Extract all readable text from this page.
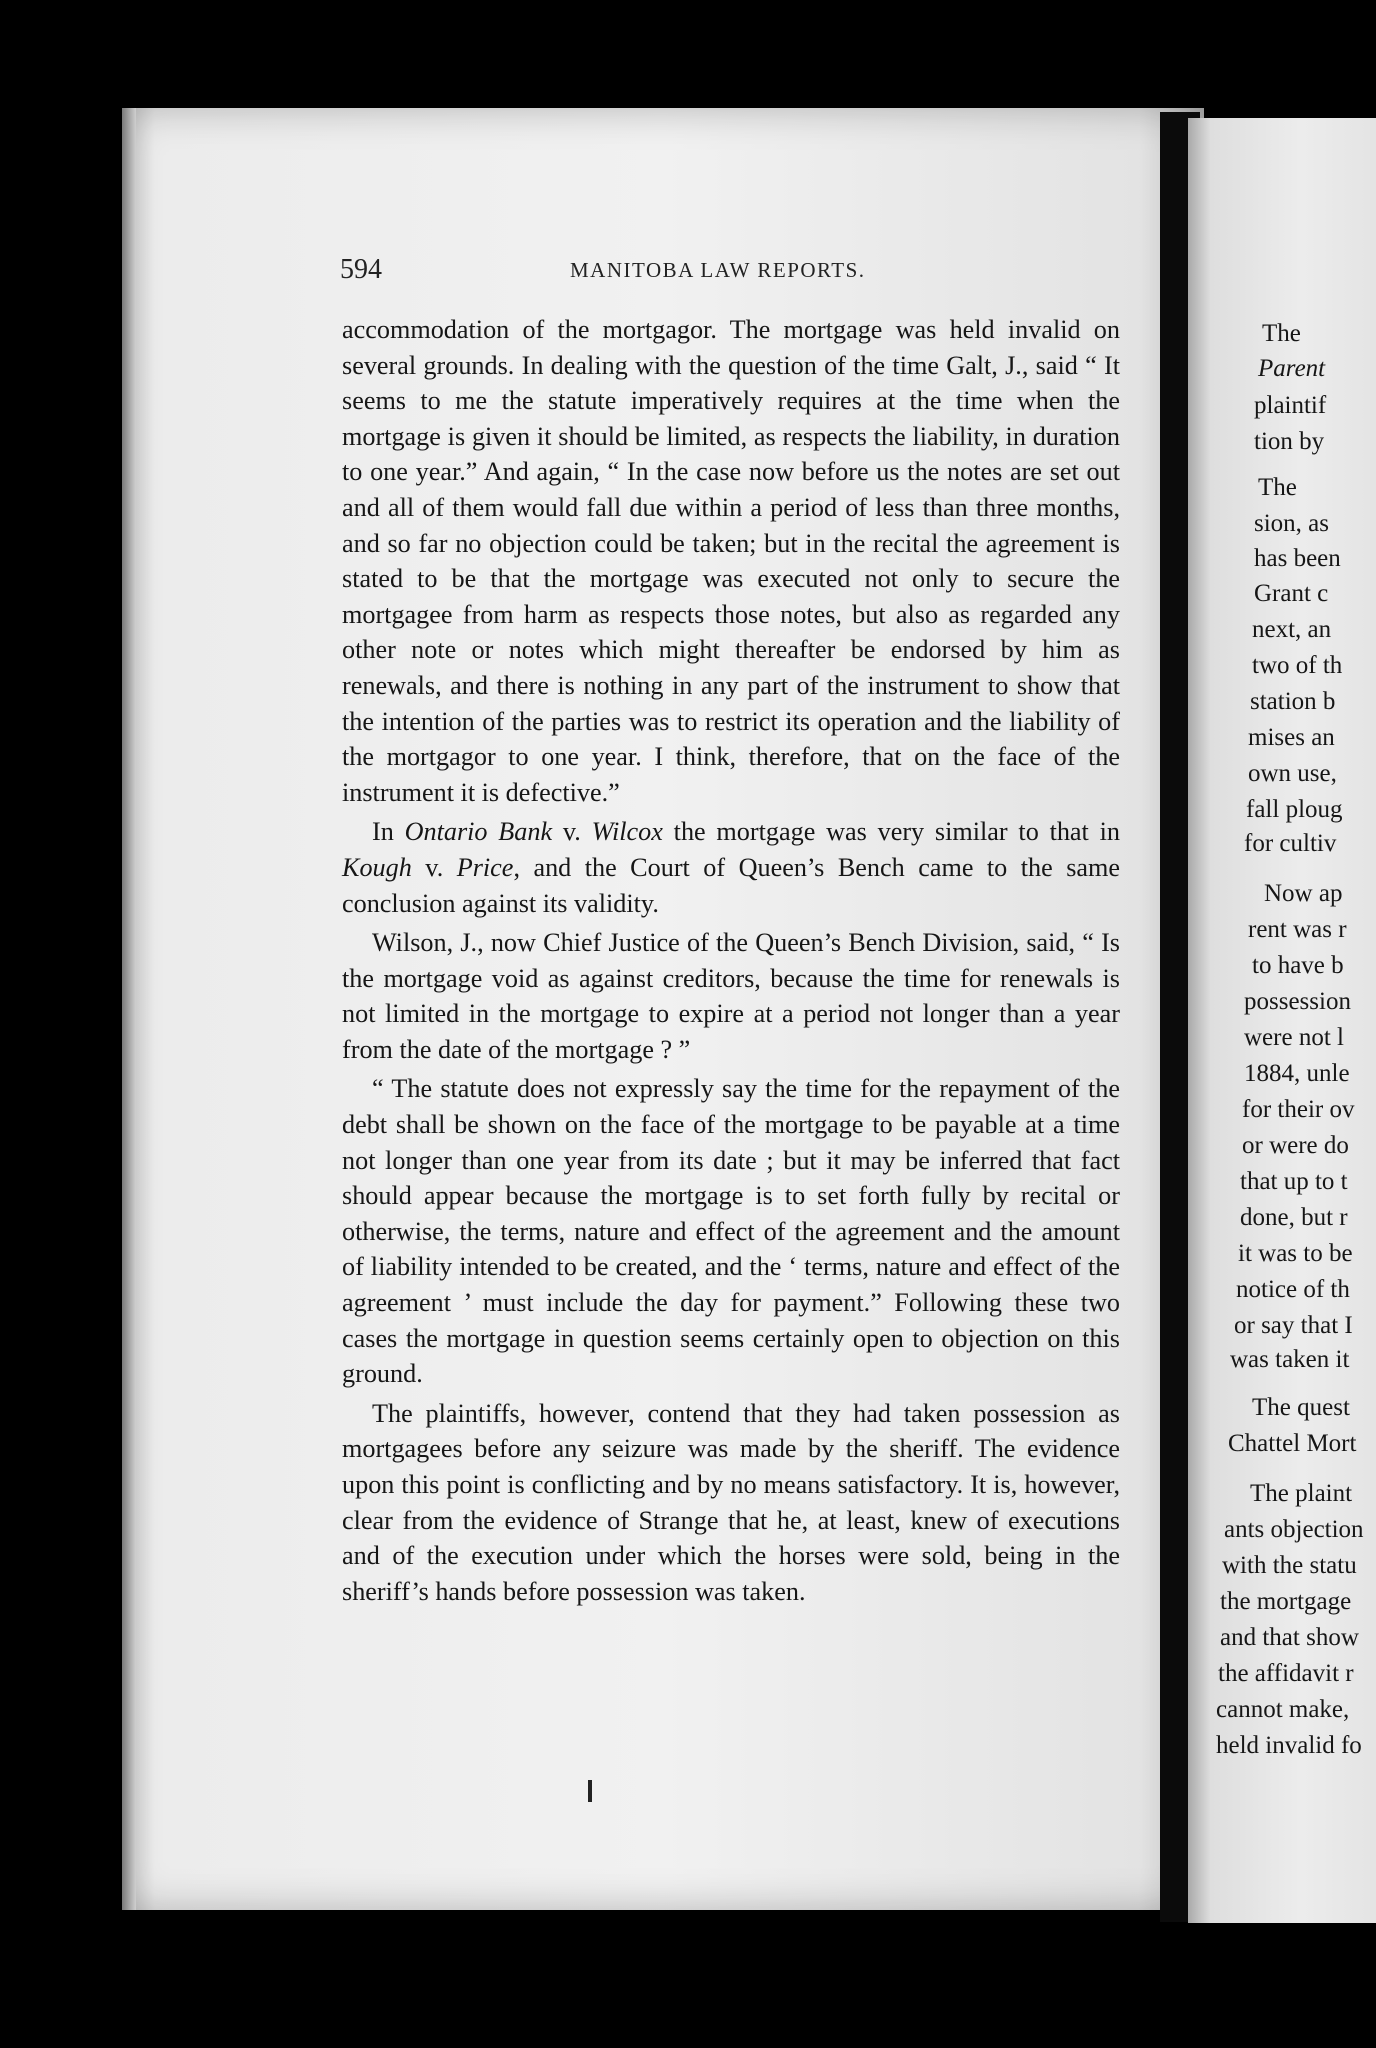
594	MANITOBA LAW REPORTS.

accommodation of the mortgagor. The mortgage was held invalid on several grounds. In dealing with the question of the time Galt, J., said “ It seems to me the statute imperatively requires at the time when the mortgage is given it should be limited, as respects the liability, in duration to one year.” And again, “ In the case now before us the notes are set out and all of them would fall due within a period of less than three months, and so far no objection could be taken; but in the recital the agreement is stated to be that the mortgage was executed not only to secure the mortgagee from harm as respects those notes, but also as regarded any other note or notes which might thereafter be endorsed by him as renewals, and there is nothing in any part of the instrument to show that the intention of the parties was to restrict its operation and the liability of the mortgagor to one year. I think, therefore, that on the face of the instrument it is defective.”

In Ontario Bank v. Wilcox the mortgage was very similar to that in Kough v. Price, and the Court of Queen’s Bench came to the same conclusion against its validity.

Wilson, J., now Chief Justice of the Queen’s Bench Division, said, “ Is the mortgage void as against creditors, because the time for renewals is not limited in the mortgage to expire at a period not longer than a year from the date of the mortgage ? ”

“ The statute does not expressly say the time for the repayment of the debt shall be shown on the face of the mortgage to be payable at a time not longer than one year from its date ; but it may be inferred that fact should appear because the mortgage is to set forth fully by recital or otherwise, the terms, nature and effect of the agreement and the amount of liability intended to be created, and the ‘ terms, nature and effect of the agreement ’ must include the day for payment.” Following these two cases the mortgage in question seems certainly open to objection on this ground.

The plaintiffs, however, contend that they had taken possession as mortgagees before any seizure was made by the sheriff. The evidence upon this point is conflicting and by no means satisfactory. It is, however, clear from the evidence of Strange that he, at least, knew of executions and of the execution under which the horses were sold, being in the sheriff’s hands before possession was taken.

The
Parent
plaintif
tion by
The
sion, as
has been
Grant c
next, an
two of th
station b
mises an
own use,
fall ploug
for cultiv
Now ap
rent was r
to have b
possession
were not l
1884, unle
for their ov
or were do
that up to t
done, but r
it was to be
notice of th
or say that I
was taken it
The quest
Chattel Mort
The plaint
ants objection
with the statu
the mortgage
and that show
the affidavit r
cannot make,
held invalid fo
